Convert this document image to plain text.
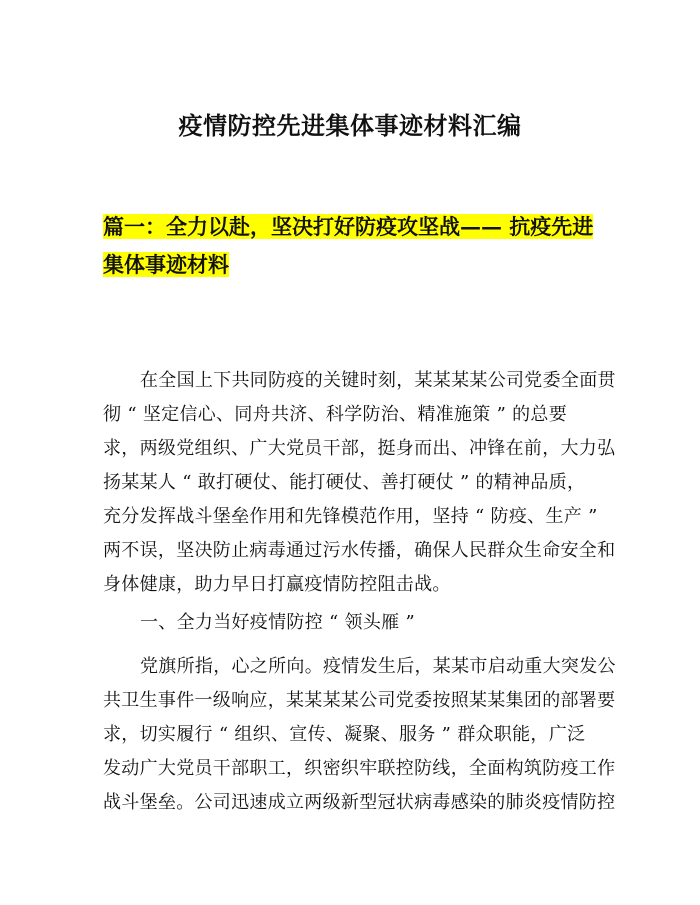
疫情防控先进集体事迹材料汇编
篇一：全力以赴，坚决打好防疫攻坚战—— 抗疫先进
集体事迹材料
在全国上下共同防疫的关键时刻，某某某某公司党委全面贯
彻 “ 坚定信心、同舟共济、科学防治、精准施策 ” 的总要
求，两级党组织、广大党员干部，挺身而出、冲锋在前，大力弘
扬某某人 “ 敢打硬仗、能打硬仗、善打硬仗 ” 的精神品质，
充分发挥战斗堡垒作用和先锋模范作用，坚持 “ 防疫、生产 ”
两不误，坚决防止病毒通过污水传播，确保人民群众生命安全和
身体健康，助力早日打赢疫情防控阻击战。
一、全力当好疫情防控 “ 领头雁 ”
党旗所指，心之所向。疫情发生后，某某市启动重大突发公
共卫生事件一级响应，某某某某公司党委按照某某集团的部署要
求，切实履行 “ 组织、宣传、凝聚、服务 ” 群众职能，广泛
发动广大党员干部职工，织密织牢联控防线，全面构筑防疫工作
战斗堡垒。公司迅速成立两级新型冠状病毒感染的肺炎疫情防控
